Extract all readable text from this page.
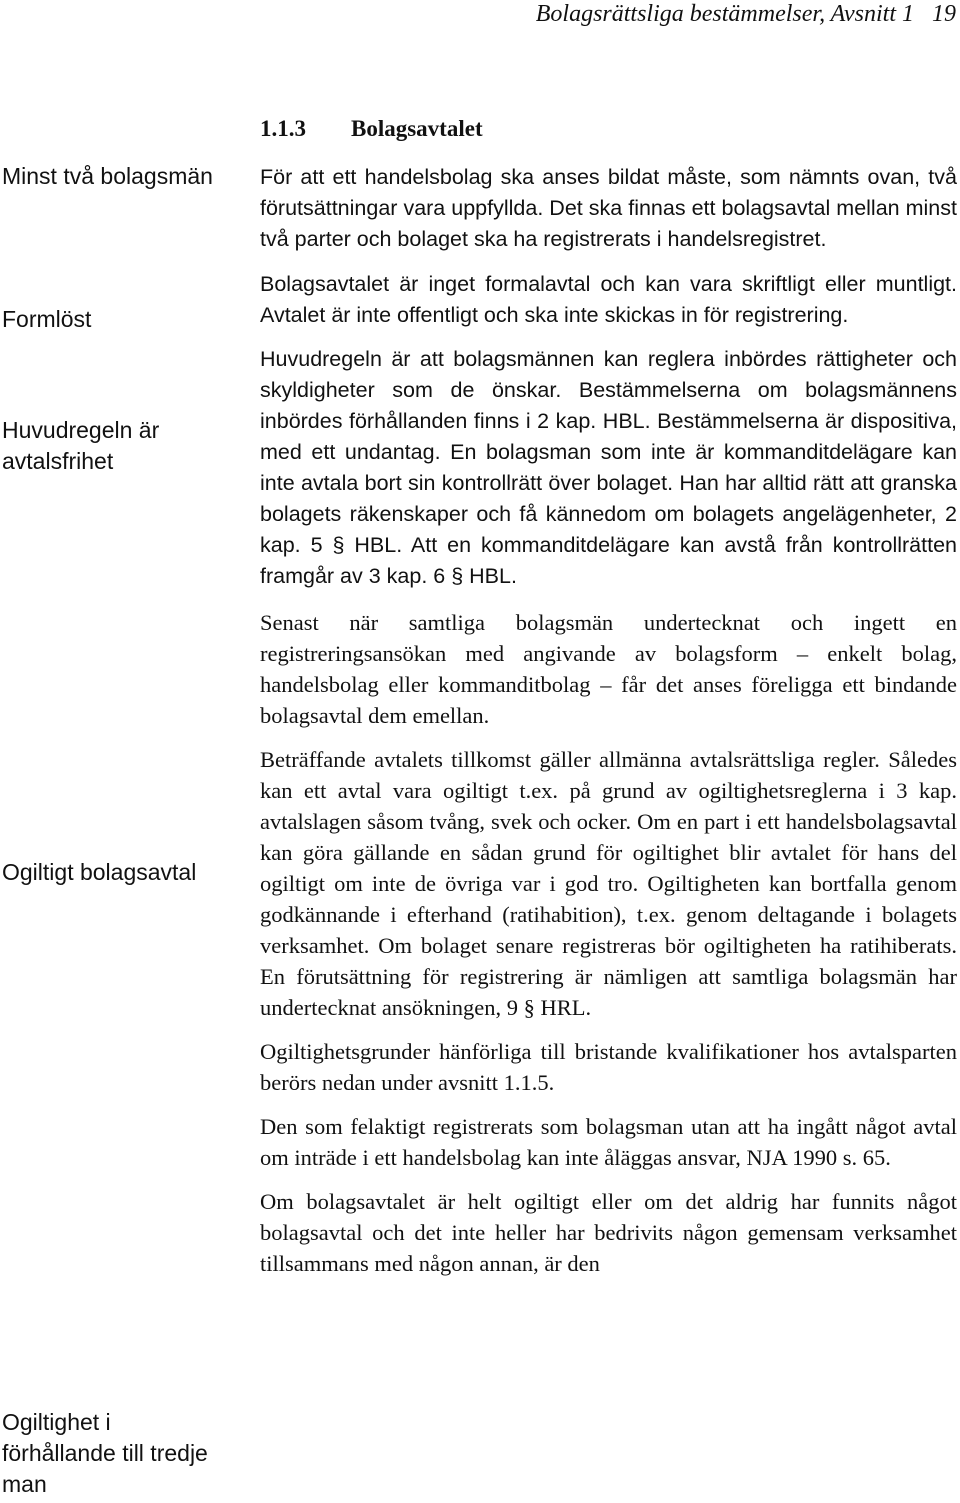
Bolagsrättsliga bestämmelser, Avsnitt 1 19
Minst två bolagsmän
Formlöst
Huvudregeln är avtalsfrihet
Ogiltigt bolagsavtal
Ogiltighet i förhållande till tredje man
1.1.3 Bolagsavtalet

För att ett handelsbolag ska anses bildat måste, som nämnts ovan, två förutsättningar vara uppfyllda. Det ska finnas ett bolagsavtal mellan minst två parter och bolaget ska ha registrerats i handelsregistret.

Bolagsavtalet är inget formalavtal och kan vara skriftligt eller muntligt. Avtalet är inte offentligt och ska inte skickas in för registrering.

Huvudregeln är att bolagsmännen kan reglera inbördes rättigheter och skyldigheter som de önskar. Bestämmelserna om bolagsmännens inbördes förhållanden finns i 2 kap. HBL. Bestämmelserna är dispositiva, med ett undantag. En bolagsman som inte är kommanditdelägare kan inte avtala bort sin kontrollrätt över bolaget. Han har alltid rätt att granska bolagets räkenskaper och få kännedom om bolagets angelägenheter, 2 kap. 5 § HBL. Att en kommanditdelägare kan avstå från kontrollrätten framgår av 3 kap. 6 § HBL.

Senast när samtliga bolagsmän undertecknat och ingett en registreringsansökan med angivande av bolagsform – enkelt bolag, handelsbolag eller kommanditbolag – får det anses föreligga ett bindande bolagsavtal dem emellan.

Beträffande avtalets tillkomst gäller allmänna avtalsrättsliga regler. Således kan ett avtal vara ogiltigt t.ex. på grund av ogiltighetsreglerna i 3 kap. avtalslagen såsom tvång, svek och ocker. Om en part i ett handelsbolagsavtal kan göra gällande en sådan grund för ogiltighet blir avtalet för hans del ogiltigt om inte de övriga var i god tro. Ogiltigheten kan bortfalla genom godkännande i efterhand (ratihabition), t.ex. genom deltagande i bolagets verksamhet. Om bolaget senare registreras bör ogiltigheten ha ratihiberats. En förutsättning för registrering är nämligen att samtliga bolagsmän har undertecknat ansökningen, 9 § HRL.

Ogiltighetsgrunder hänförliga till bristande kvalifikationer hos avtalsparten berörs nedan under avsnitt 1.1.5.

Den som felaktigt registrerats som bolagsman utan att ha ingått något avtal om inträde i ett handelsbolag kan inte åläggas ansvar, NJA 1990 s. 65.

Om bolagsavtalet är helt ogiltigt eller om det aldrig har funnits något bolagsavtal och det inte heller har bedrivits någon gemensam verksamhet tillsammans med någon annan, är den
